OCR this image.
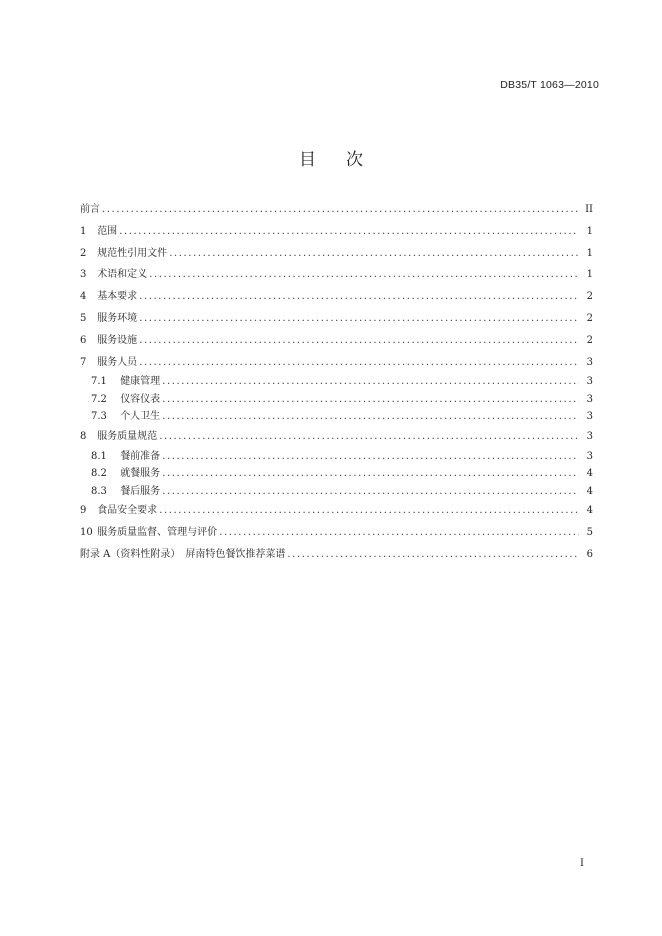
DB35/T 1063—2010
目 次
前言 .....	II
1 范围 .....	1
2 规范性引用文件 .....	1
3 术语和定义 .....	1
4 基本要求 .....	2
5 服务环境 .....	2
6 服务设施 .....	2
7 服务人员 .....	3
7.1 健康管理 .....	3
7.2 仪容仪表 .....	3
7.3 个人卫生 .....	3
8 服务质量规范 .....	3
8.1 餐前准备 .....	3
8.2 就餐服务 .....	4
8.3 餐后服务 .....	4
9 食品安全要求 .....	4
10 服务质量监督、管理与评价 .....	5
附录 A（资料性附录）　屏南特色餐饮推荐菜谱 .....	6
I
